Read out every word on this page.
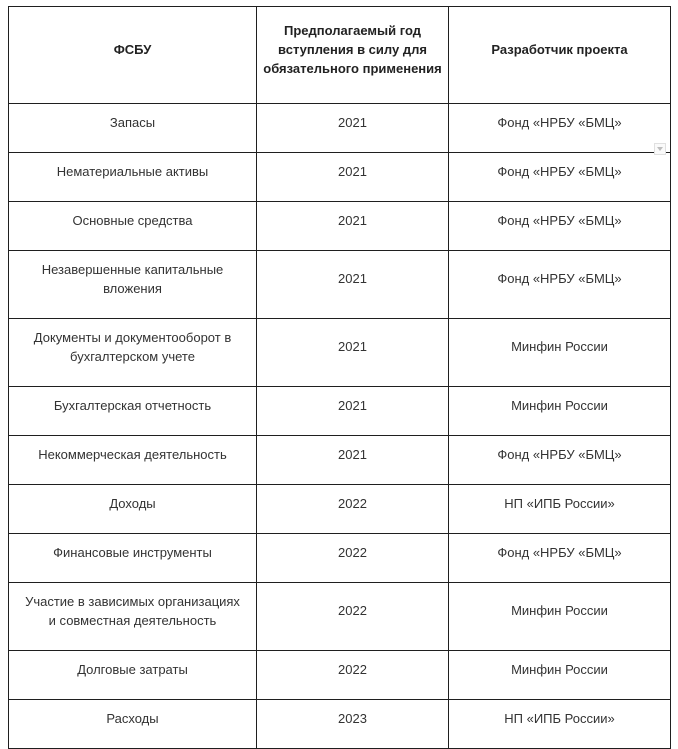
ФСБУ	Предполагаемый год вступления в силу для обязательного применения	Разработчик проекта
Запасы	2021	Фонд «НРБУ «БМЦ»
Нематериальные активы	2021	Фонд «НРБУ «БМЦ»
Основные средства	2021	Фонд «НРБУ «БМЦ»
Незавершенные капитальные вложения	2021	Фонд «НРБУ «БМЦ»
Документы и документооборот в бухгалтерском учете	2021	Минфин России
Бухгалтерская отчетность	2021	Минфин России
Некоммерческая деятельность	2021	Фонд «НРБУ «БМЦ»
Доходы	2022	НП «ИПБ России»
Финансовые инструменты	2022	Фонд «НРБУ «БМЦ»
Участие в зависимых организациях и совместная деятельность	2022	Минфин России
Долговые затраты	2022	Минфин России
Расходы	2023	НП «ИПБ России»
